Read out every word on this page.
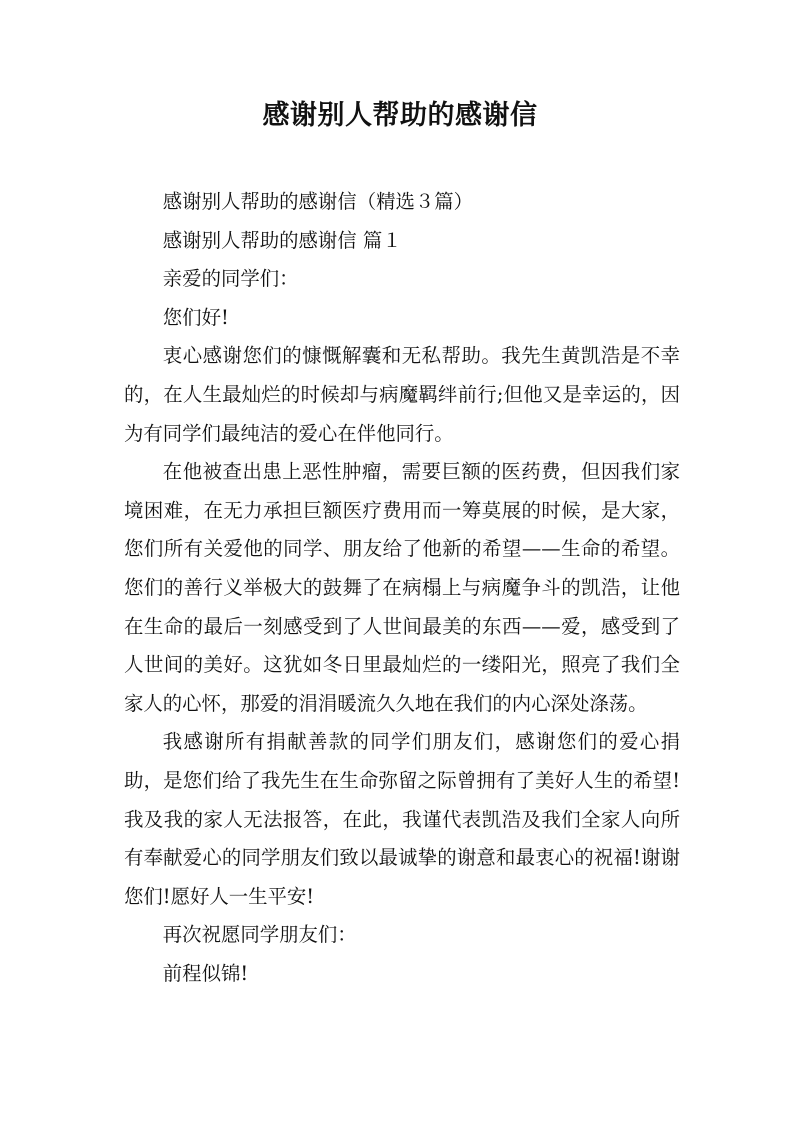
感谢别人帮助的感谢信

感谢别人帮助的感谢信（精选３篇）

感谢别人帮助的感谢信 篇１

亲爱的同学们：

您们好!

衷心感谢您们的慷慨解囊和无私帮助。我先生黄凯浩是不幸的，在人生最灿烂的时候却与病魔羁绊前行;但他又是幸运的，因为有同学们最纯洁的爱心在伴他同行。

在他被查出患上恶性肿瘤，需要巨额的医药费，但因我们家境困难，在无力承担巨额医疗费用而一筹莫展的时候，是大家，您们所有关爱他的同学、朋友给了他新的希望——生命的希望。您们的善行义举极大的鼓舞了在病榻上与病魔争斗的凯浩，让他在生命的最后一刻感受到了人世间最美的东西——爱，感受到了人世间的美好。这犹如冬日里最灿烂的一缕阳光，照亮了我们全家人的心怀，那爱的涓涓暖流久久地在我们的内心深处涤荡。

我感谢所有捐献善款的同学们朋友们，感谢您们的爱心捐助，是您们给了我先生在生命弥留之际曾拥有了美好人生的希望!我及我的家人无法报答，在此，我谨代表凯浩及我们全家人向所有奉献爱心的同学朋友们致以最诚挚的谢意和最衷心的祝福!谢谢您们!愿好人一生平安!

再次祝愿同学朋友们：

前程似锦!
